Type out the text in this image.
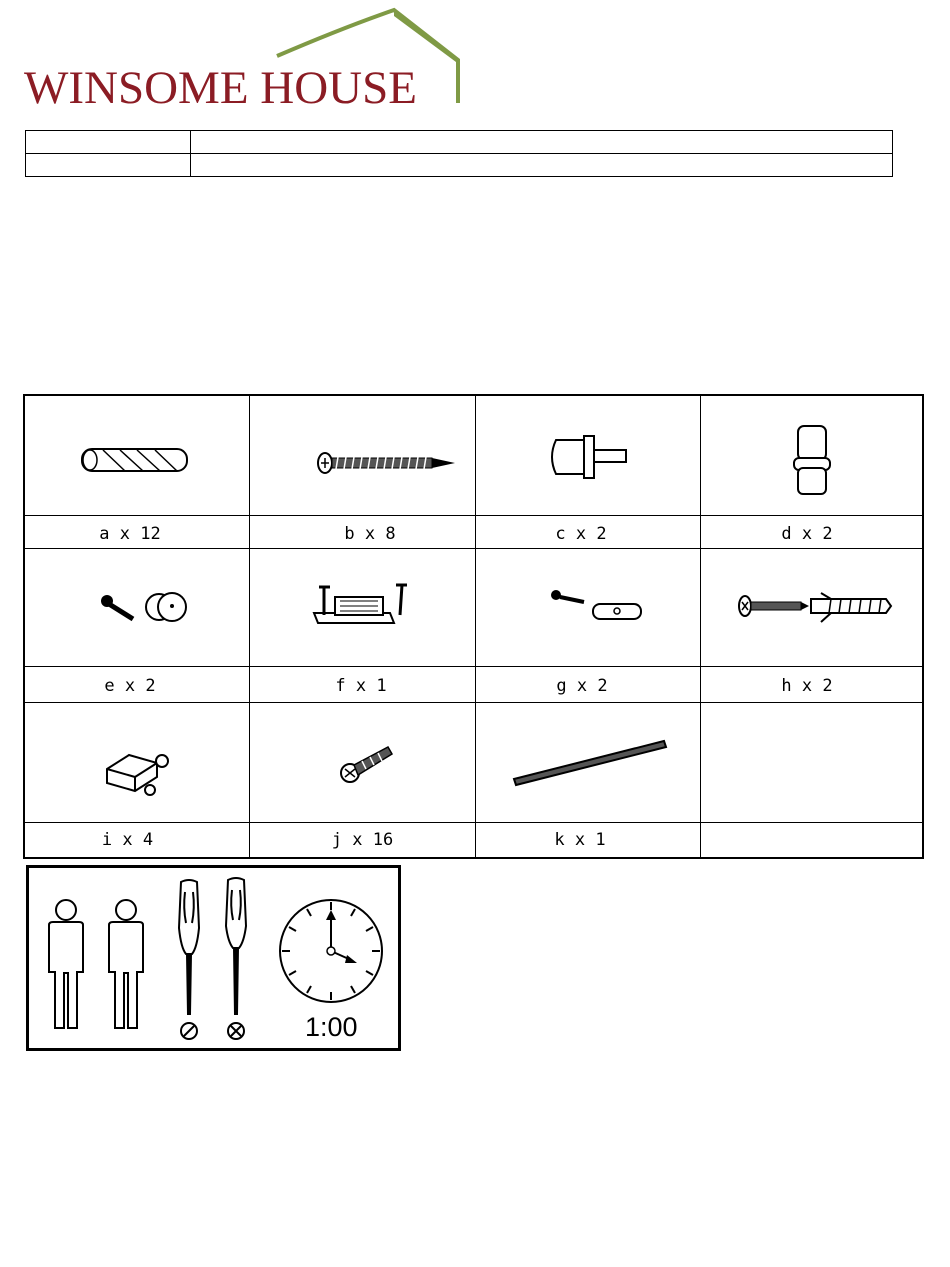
WINSOME HOUSE

a x 12	b x 8	c x 2	d x 2
e x 2	f x 1	g x 2	h x 2
i x 4	j x 16	k x 1
1:00
